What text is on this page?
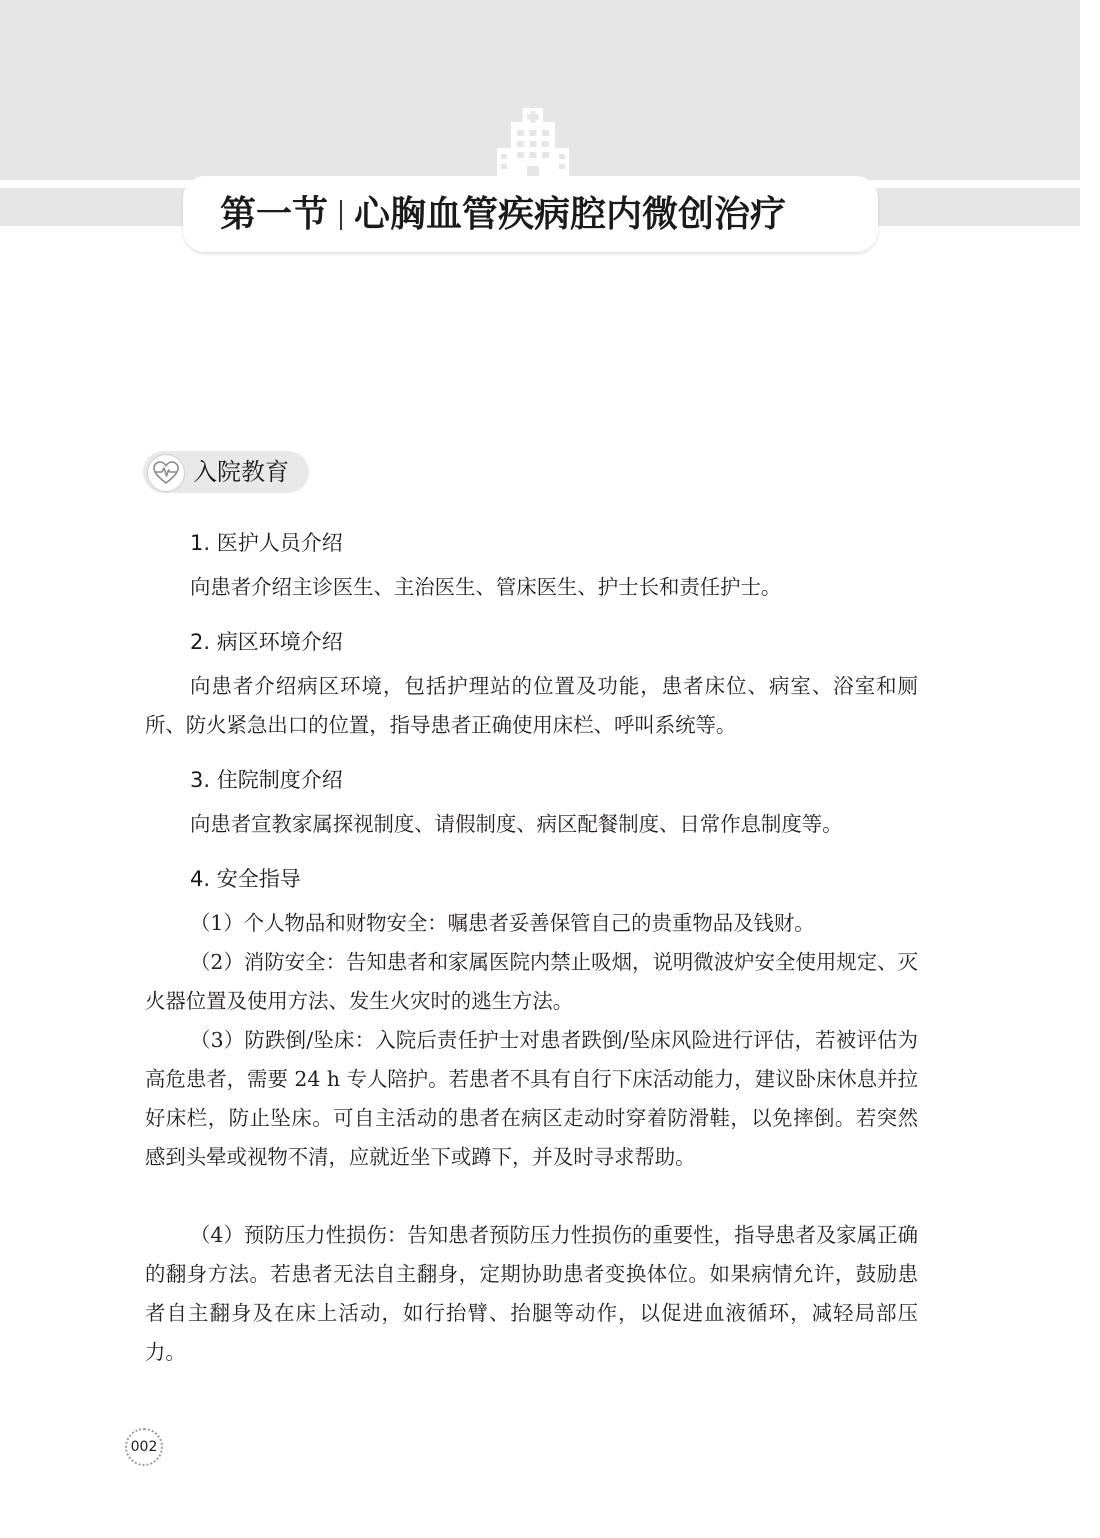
第一节 心胸血管疾病腔内微创治疗
入院教育
1. 医护人员介绍

向患者介绍主诊医生、主治医生、管床医生、护士长和责任护士。

2. 病区环境介绍

向患者介绍病区环境，包括护理站的位置及功能，患者床位、病室、浴室和厕所、防火紧急出口的位置，指导患者正确使用床栏、呼叫系统等。

3. 住院制度介绍

向患者宣教家属探视制度、请假制度、病区配餐制度、日常作息制度等。

4. 安全指导

（1）个人物品和财物安全：嘱患者妥善保管自己的贵重物品及钱财。

（2）消防安全：告知患者和家属医院内禁止吸烟，说明微波炉安全使用规定、灭火器位置及使用方法、发生火灾时的逃生方法。

（3）防跌倒/坠床：入院后责任护士对患者跌倒/坠床风险进行评估，若被评估为高危患者，需要 24 h 专人陪护。若患者不具有自行下床活动能力，建议卧床休息并拉好床栏，防止坠床。可自主活动的患者在病区走动时穿着防滑鞋，以免摔倒。若突然感到头晕或视物不清，应就近坐下或蹲下，并及时寻求帮助。

（4）预防压力性损伤：告知患者预防压力性损伤的重要性，指导患者及家属正确的翻身方法。若患者无法自主翻身，定期协助患者变换体位。如果病情允许，鼓励患者自主翻身及在床上活动，如行抬臂、抬腿等动作，以促进血液循环，减轻局部压力。

002
